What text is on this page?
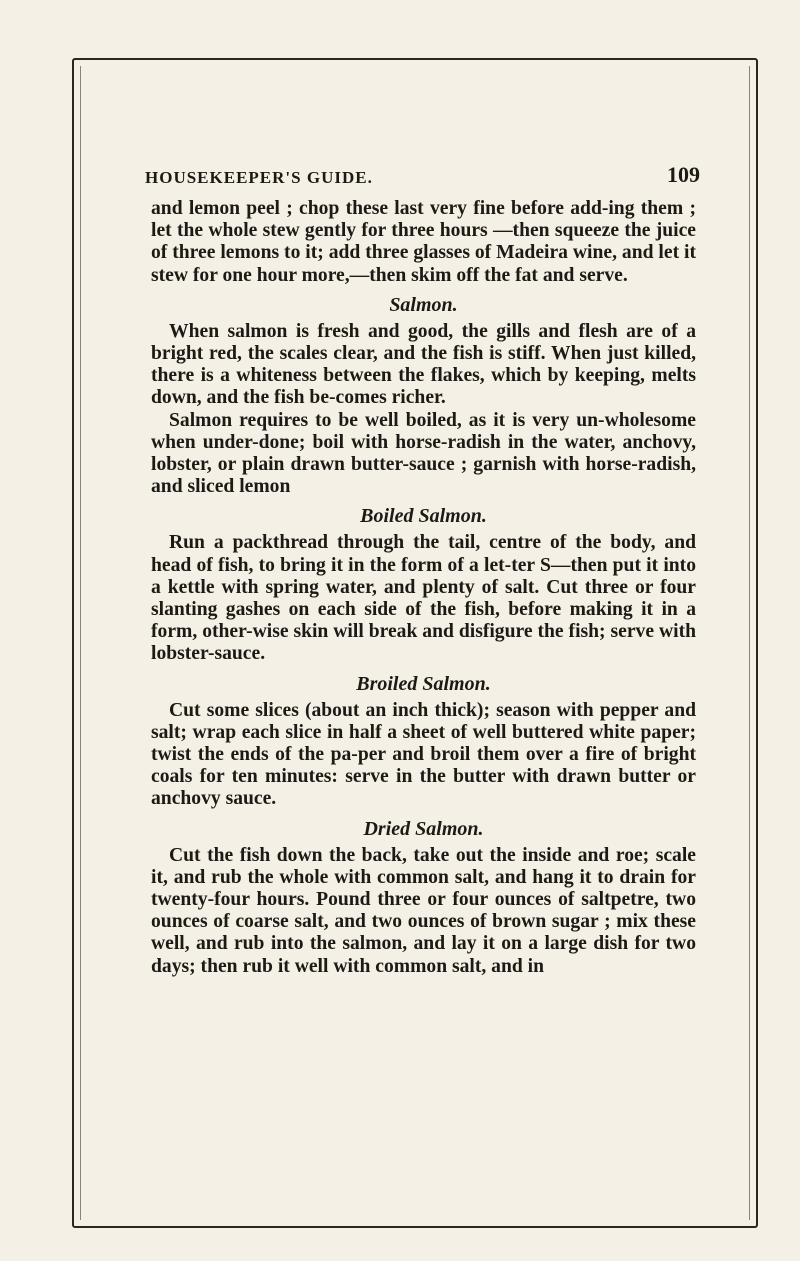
HOUSEKEEPER'S GUIDE.	109

and lemon peel ; chop these last very fine before add-ing them ; let the whole stew gently for three hours —then squeeze the juice of three lemons to it; add three glasses of Madeira wine, and let it stew for one hour more,—then skim off the fat and serve.

Salmon.

When salmon is fresh and good, the gills and flesh are of a bright red, the scales clear, and the fish is stiff. When just killed, there is a whiteness between the flakes, which by keeping, melts down, and the fish be-comes richer.

Salmon requires to be well boiled, as it is very un-wholesome when under-done; boil with horse-radish in the water, anchovy, lobster, or plain drawn butter-sauce ; garnish with horse-radish, and sliced lemon

Boiled Salmon.

Run a packthread through the tail, centre of the body, and head of fish, to bring it in the form of a let-ter S—then put it into a kettle with spring water, and plenty of salt. Cut three or four slanting gashes on each side of the fish, before making it in a form, other-wise skin will break and disfigure the fish; serve with lobster-sauce.

Broiled Salmon.

Cut some slices (about an inch thick); season with pepper and salt; wrap each slice in half a sheet of well buttered white paper; twist the ends of the pa-per and broil them over a fire of bright coals for ten minutes: serve in the butter with drawn butter or anchovy sauce.

Dried Salmon.

Cut the fish down the back, take out the inside and roe; scale it, and rub the whole with common salt, and hang it to drain for twenty-four hours. Pound three or four ounces of saltpetre, two ounces of coarse salt, and two ounces of brown sugar ; mix these well, and rub into the salmon, and lay it on a large dish for two days; then rub it well with common salt, and in
